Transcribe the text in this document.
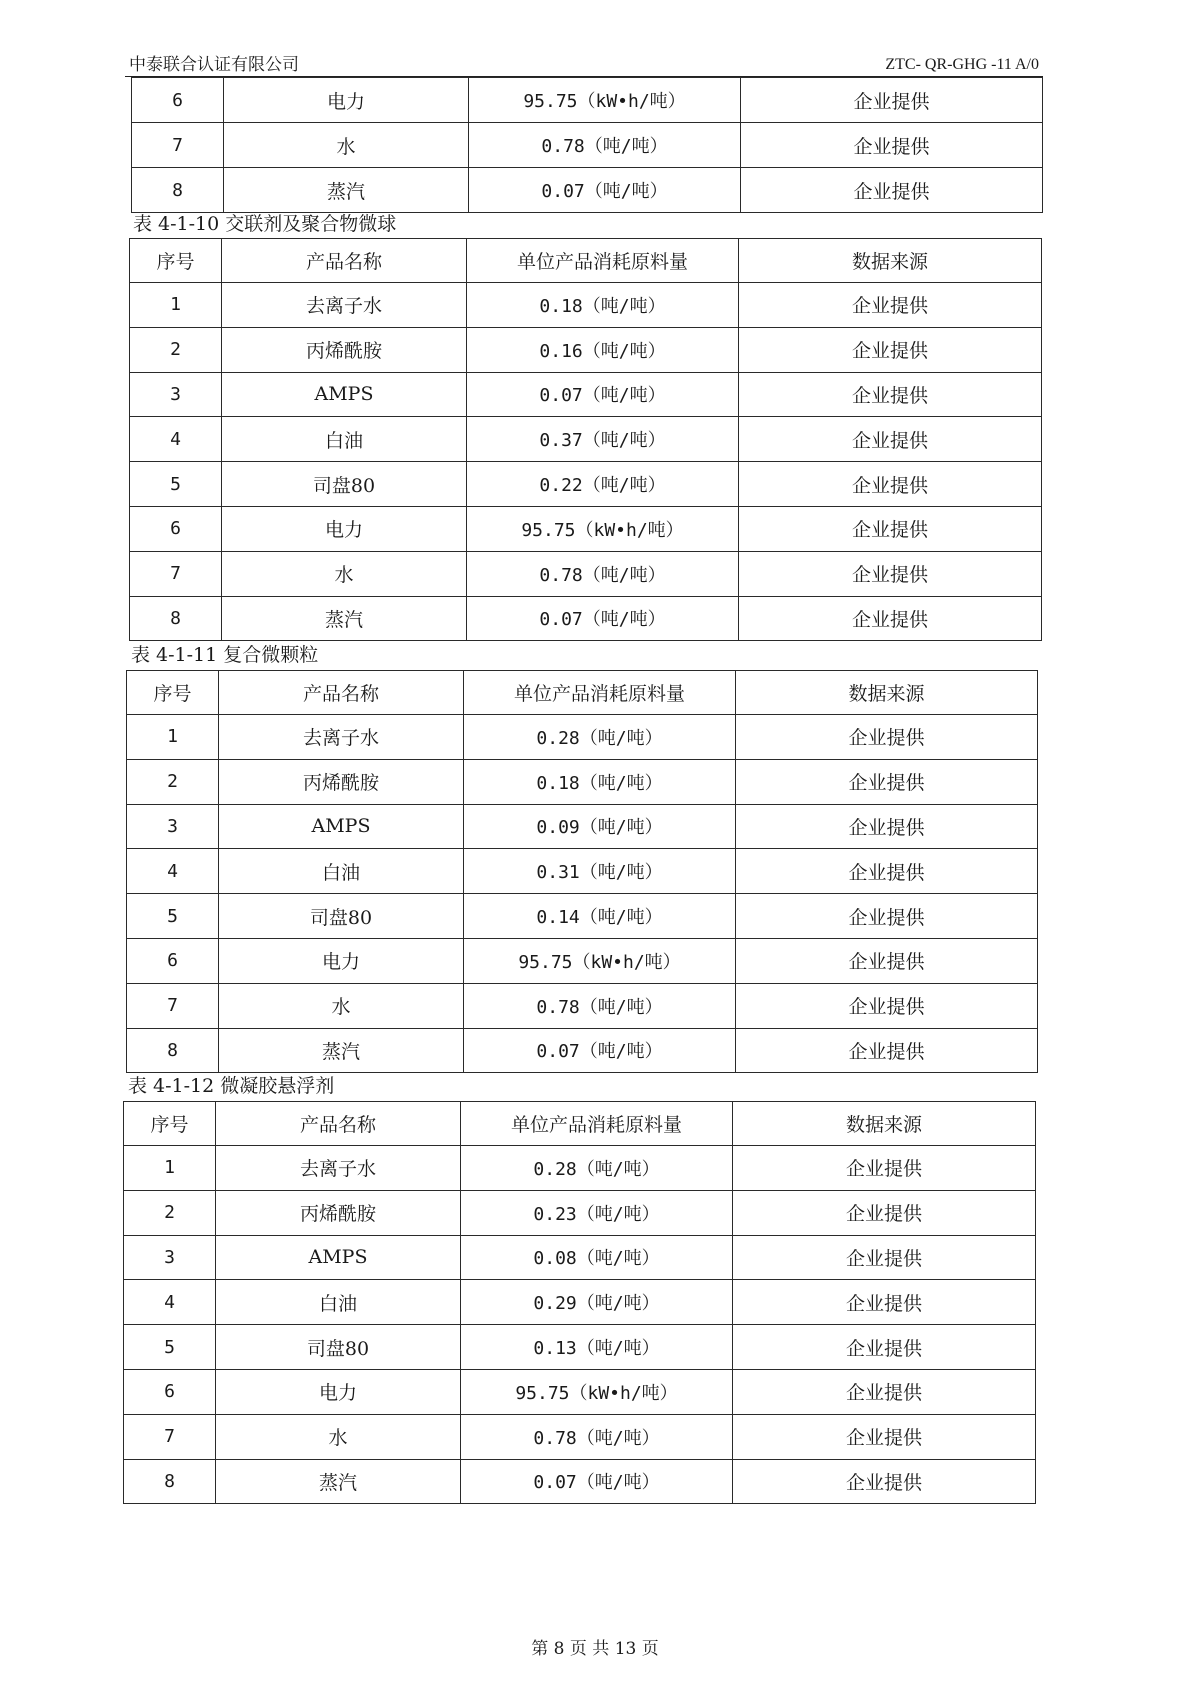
中泰联合认证有限公司	ZTC- QR-GHG -11 A/0
6	电力	95.75（kW•h/吨）	企业提供
7	水	0.78（吨/吨）	企业提供
8	蒸汽	0.07（吨/吨）	企业提供
表 4-1-10 交联剂及聚合物微球
序号	产品名称	单位产品消耗原料量	数据来源
1	去离子水	0.18（吨/吨）	企业提供
2	丙烯酰胺	0.16（吨/吨）	企业提供
3	AMPS	0.07（吨/吨）	企业提供
4	白油	0.37（吨/吨）	企业提供
5	司盘80	0.22（吨/吨）	企业提供
6	电力	95.75（kW•h/吨）	企业提供
7	水	0.78（吨/吨）	企业提供
8	蒸汽	0.07（吨/吨）	企业提供
表 4-1-11 复合微颗粒
序号	产品名称	单位产品消耗原料量	数据来源
1	去离子水	0.28（吨/吨）	企业提供
2	丙烯酰胺	0.18（吨/吨）	企业提供
3	AMPS	0.09（吨/吨）	企业提供
4	白油	0.31（吨/吨）	企业提供
5	司盘80	0.14（吨/吨）	企业提供
6	电力	95.75（kW•h/吨）	企业提供
7	水	0.78（吨/吨）	企业提供
8	蒸汽	0.07（吨/吨）	企业提供
表 4-1-12 微凝胶悬浮剂
序号	产品名称	单位产品消耗原料量	数据来源
1	去离子水	0.28（吨/吨）	企业提供
2	丙烯酰胺	0.23（吨/吨）	企业提供
3	AMPS	0.08（吨/吨）	企业提供
4	白油	0.29（吨/吨）	企业提供
5	司盘80	0.13（吨/吨）	企业提供
6	电力	95.75（kW•h/吨）	企业提供
7	水	0.78（吨/吨）	企业提供
8	蒸汽	0.07（吨/吨）	企业提供
第 8 页 共 13 页
